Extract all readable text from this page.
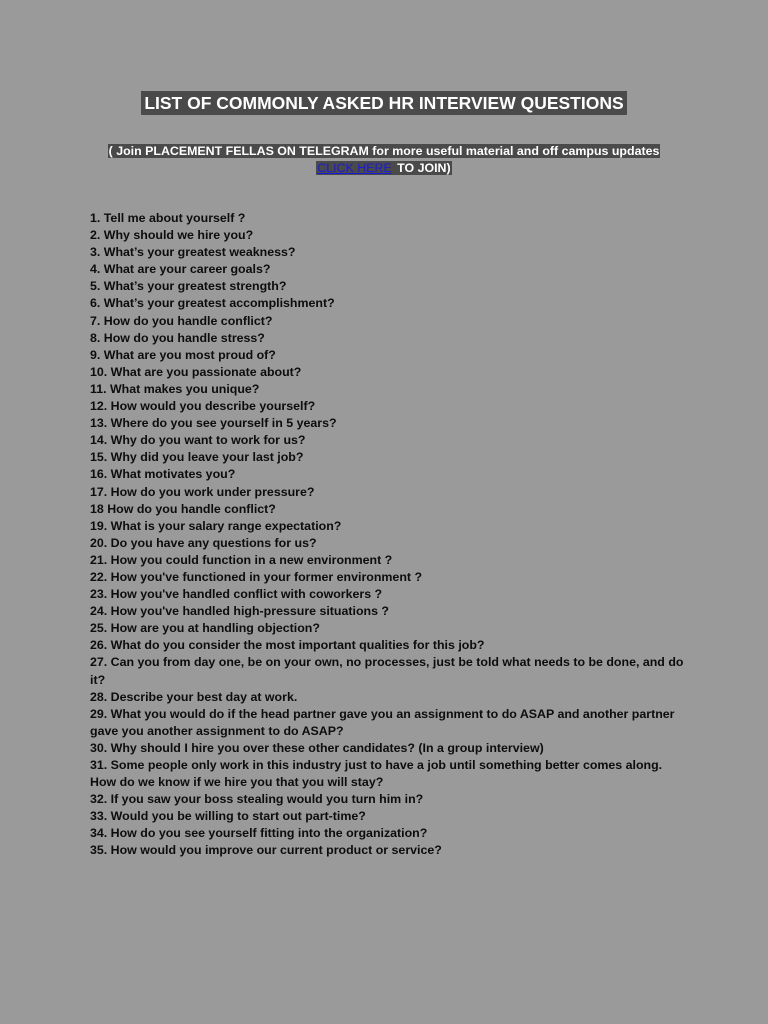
LIST OF COMMONLY ASKED HR INTERVIEW QUESTIONS
( Join PLACEMENT FELLAS ON TELEGRAM for more useful material and off campus updates
CLICK HERE TO JOIN)
1. Tell me about yourself ?
2. Why should we hire you?
3. What’s your greatest weakness?
4. What are your career goals?
5. What’s your greatest strength?
6. What’s your greatest accomplishment?
7. How do you handle conflict?
8. How do you handle stress?
9. What are you most proud of?
10. What are you passionate about?
11. What makes you unique?
12. How would you describe yourself?
13. Where do you see yourself in 5 years?
14. Why do you want to work for us?
15. Why did you leave your last job?
16. What motivates you?
17. How do you work under pressure?
18 How do you handle conflict?
19. What is your salary range expectation?
20. Do you have any questions for us?
21. How you could function in a new environment ?
22. How you've functioned in your former environment ?
23. How you've handled conflict with coworkers ?
24. How you've handled high-pressure situations ?
25. How are you at handling objection?
26. What do you consider the most important qualities for this job?
27. Can you from day one, be on your own, no processes, just be told what needs to be done, and do it?
28. Describe your best day at work.
29. What you would do if the head partner gave you an assignment to do ASAP and another partner gave you another assignment to do ASAP?
30. Why should I hire you over these other candidates? (In a group interview)
31. Some people only work in this industry just to have a job until something better comes along. How do we know if we hire you that you will stay?
32. If you saw your boss stealing would you turn him in?
33. Would you be willing to start out part-time?
34. How do you see yourself fitting into the organization?
35. How would you improve our current product or service?
